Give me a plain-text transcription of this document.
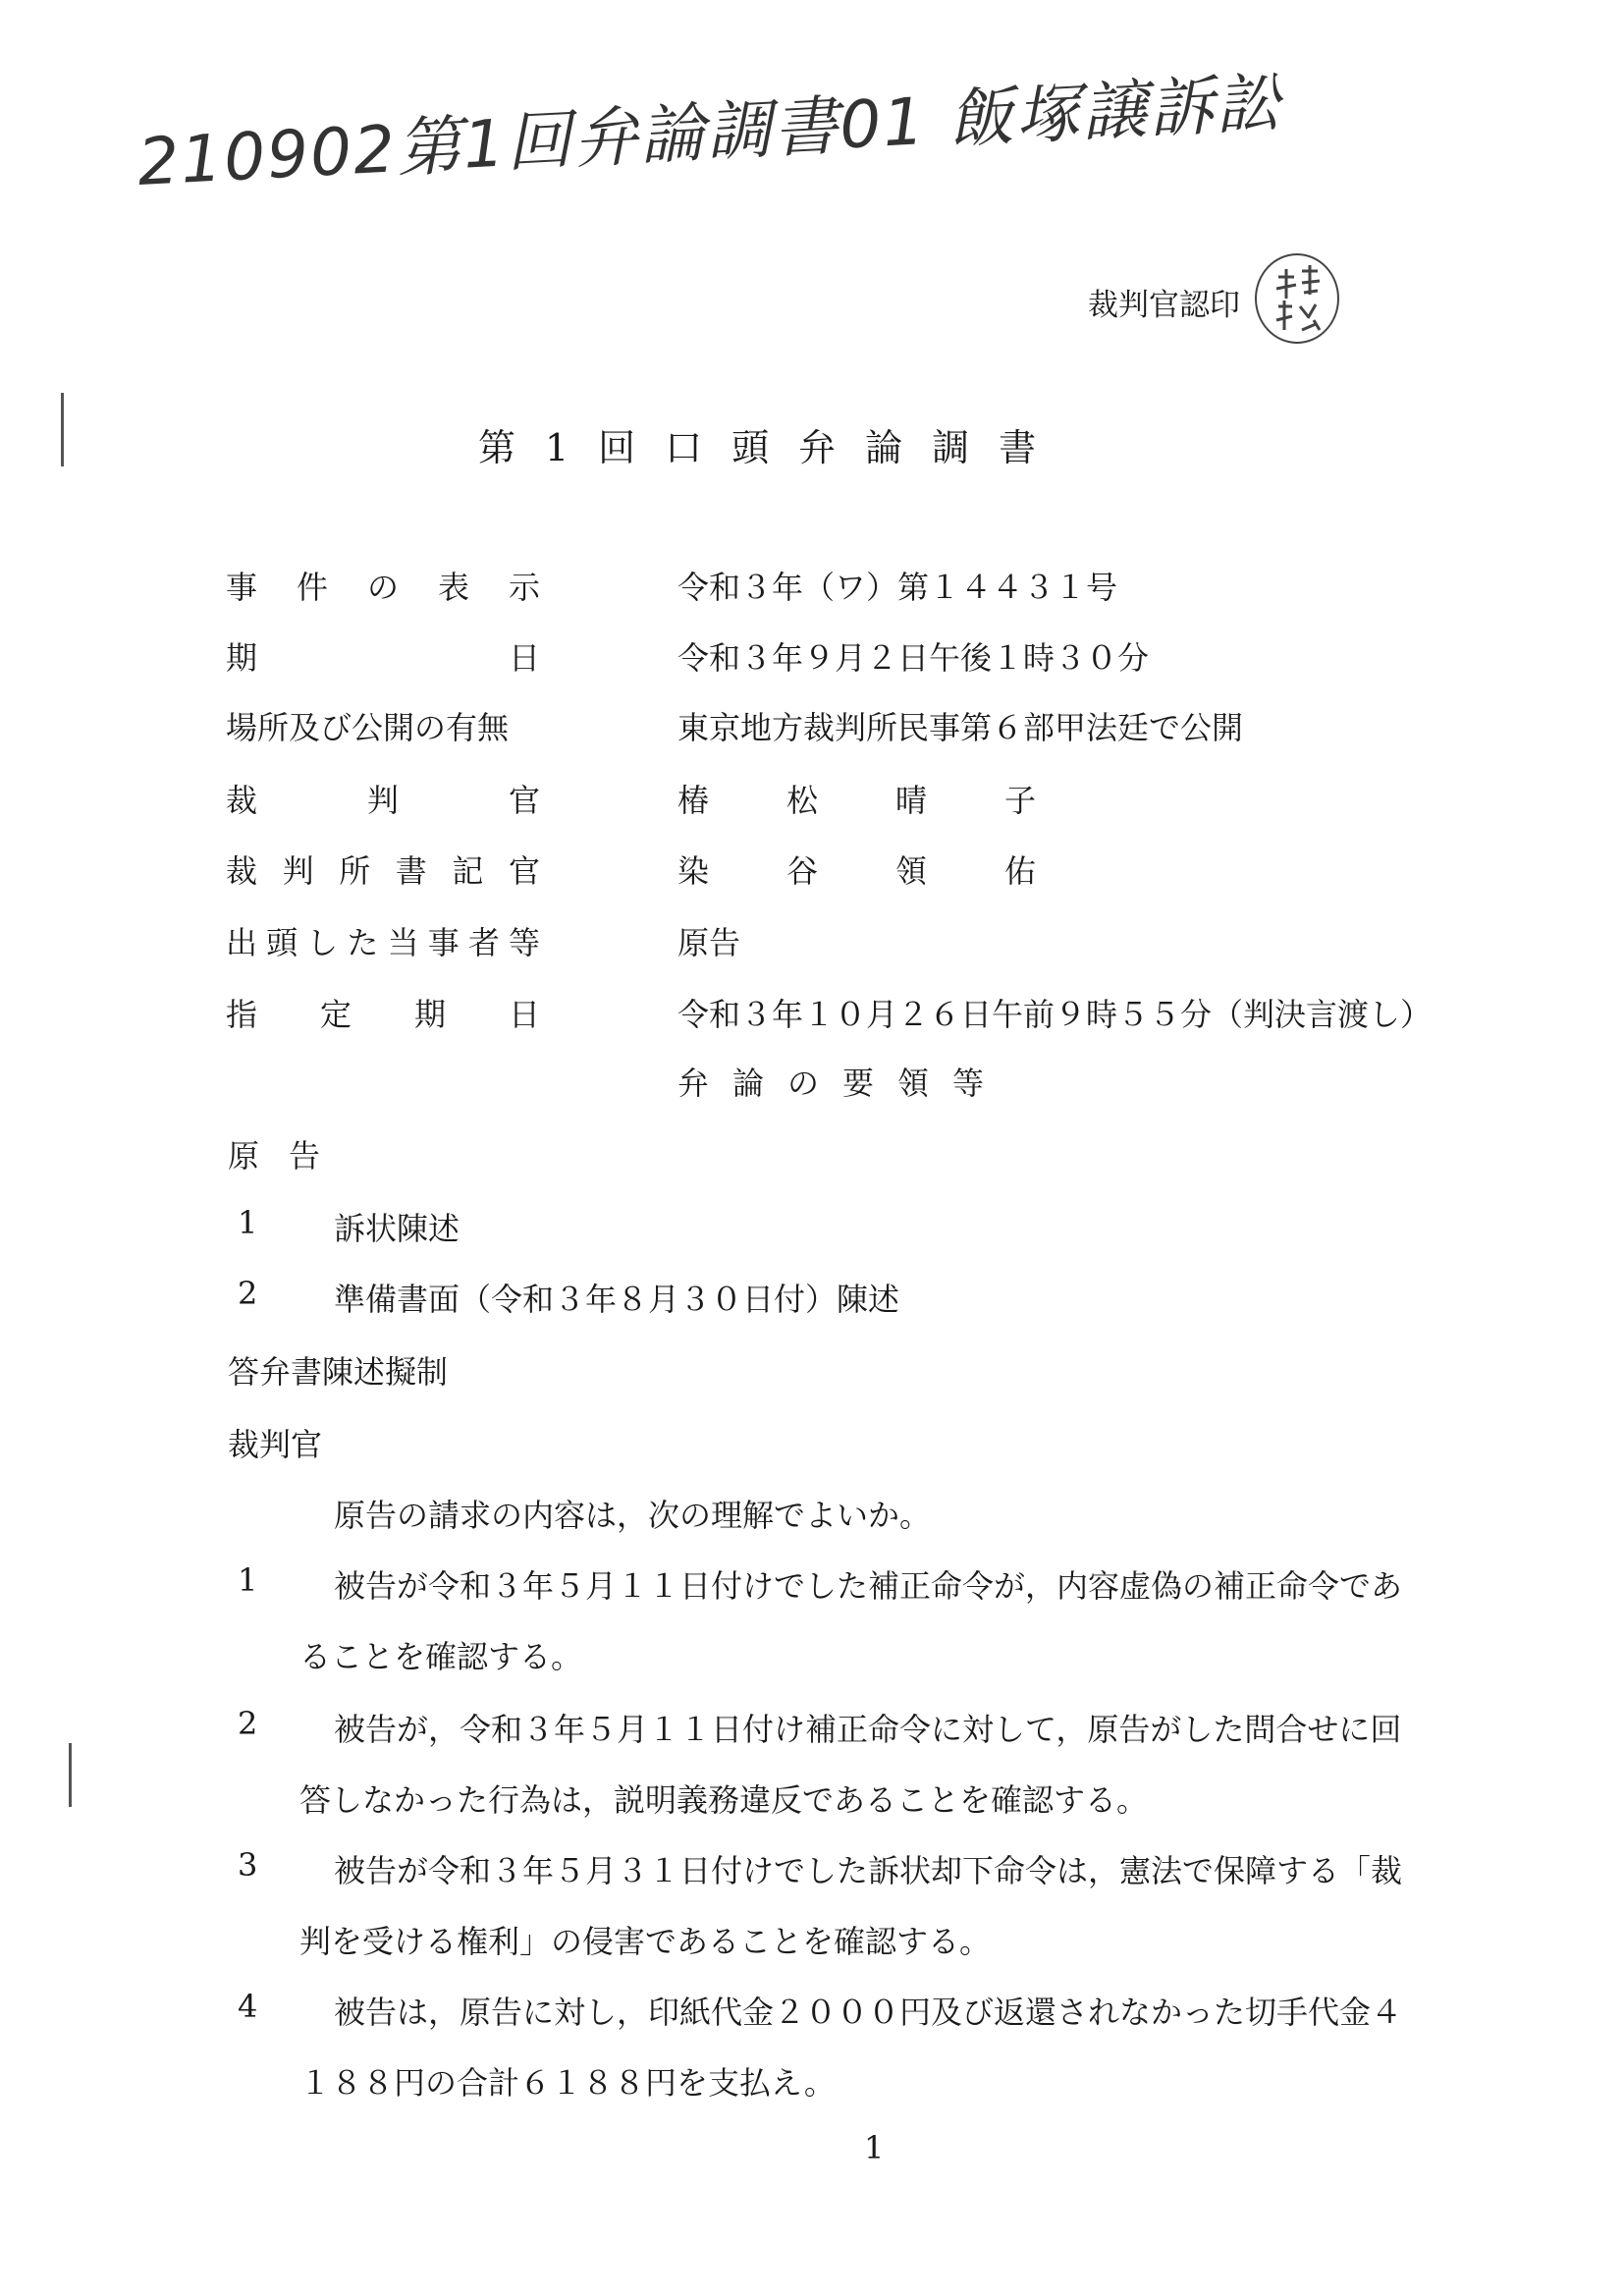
210902第1回弁論調書01 飯塚譲訴訟
裁判官認印
第1回口頭弁論調書
事 件 の 表 示	令和３年（ワ）第１４４３１号
期	日	令和３年９月２日午後１時３０分
場所及び公開の有無	東京地方裁判所民事第６部甲法廷で公開
裁	判	官	椿 松 晴 子
裁 判 所 書 記 官	染 谷 領 佑
出 頭 し た 当 事 者 等	原告
指 定 期 日	令和３年１０月２６日午前９時５５分（判決言渡し）
弁論の要領等
原告
1 訴状陳述
2 準備書面（令和３年８月３０日付）陳述
答弁書陳述擬制
裁判官
原告の請求の内容は，次の理解でよいか。
1 被告が令和３年５月１１日付けでした補正命令が，内容虚偽の補正命令であ
ることを確認する。
2 被告が，令和３年５月１１日付け補正命令に対して，原告がした問合せに回
答しなかった行為は，説明義務違反であることを確認する。
3 被告が令和３年５月３１日付けでした訴状却下命令は，憲法で保障する「裁
判を受ける権利」の侵害であることを確認する。
4 被告は，原告に対し，印紙代金２０００円及び返還されなかった切手代金４
１８８円の合計６１８８円を支払え。
1
